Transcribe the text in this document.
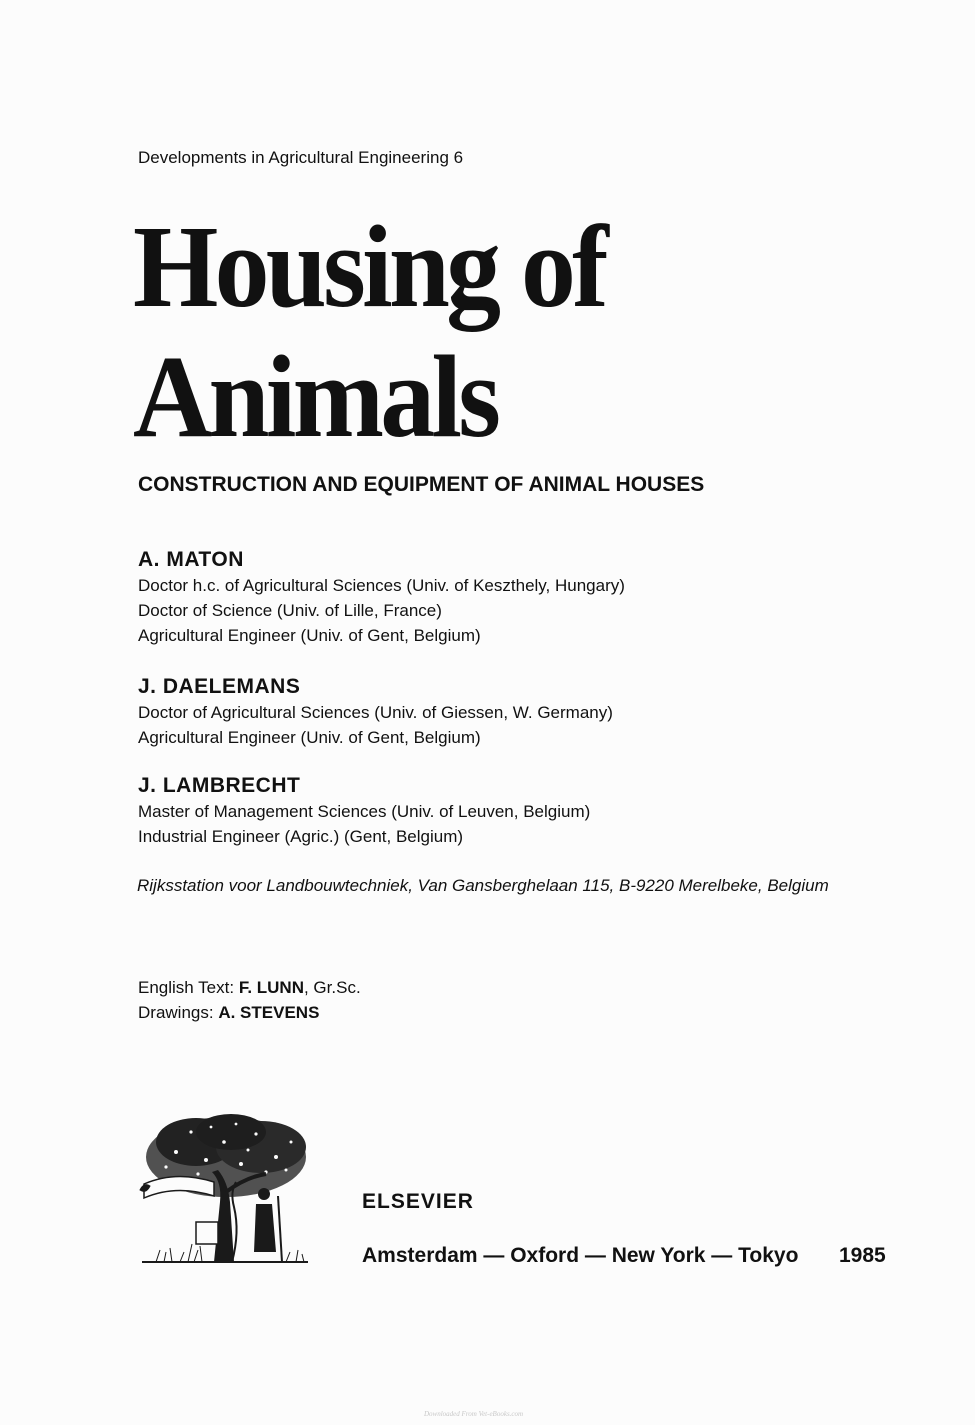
Developments in Agricultural Engineering 6
Housing of
Animals
CONSTRUCTION AND EQUIPMENT OF ANIMAL HOUSES
A. MATON
Doctor h.c. of Agricultural Sciences (Univ. of Keszthely, Hungary)
Doctor of Science (Univ. of Lille, France)
Agricultural Engineer (Univ. of Gent, Belgium)
J. DAELEMANS
Doctor of Agricultural Sciences (Univ. of Giessen, W. Germany)
Agricultural Engineer (Univ. of Gent, Belgium)
J. LAMBRECHT
Master of Management Sciences (Univ. of Leuven, Belgium)
Industrial Engineer (Agric.) (Gent, Belgium)
Rijksstation voor Landbouwtechniek, Van Gansberghelaan 115, B-9220 Merelbeke, Belgium
English Text: F. LUNN, Gr.Sc.
Drawings: A. STEVENS
ELSEVIER
Amsterdam — Oxford — New York — Tokyo 1985
Downloaded From Vet-eBooks.com
